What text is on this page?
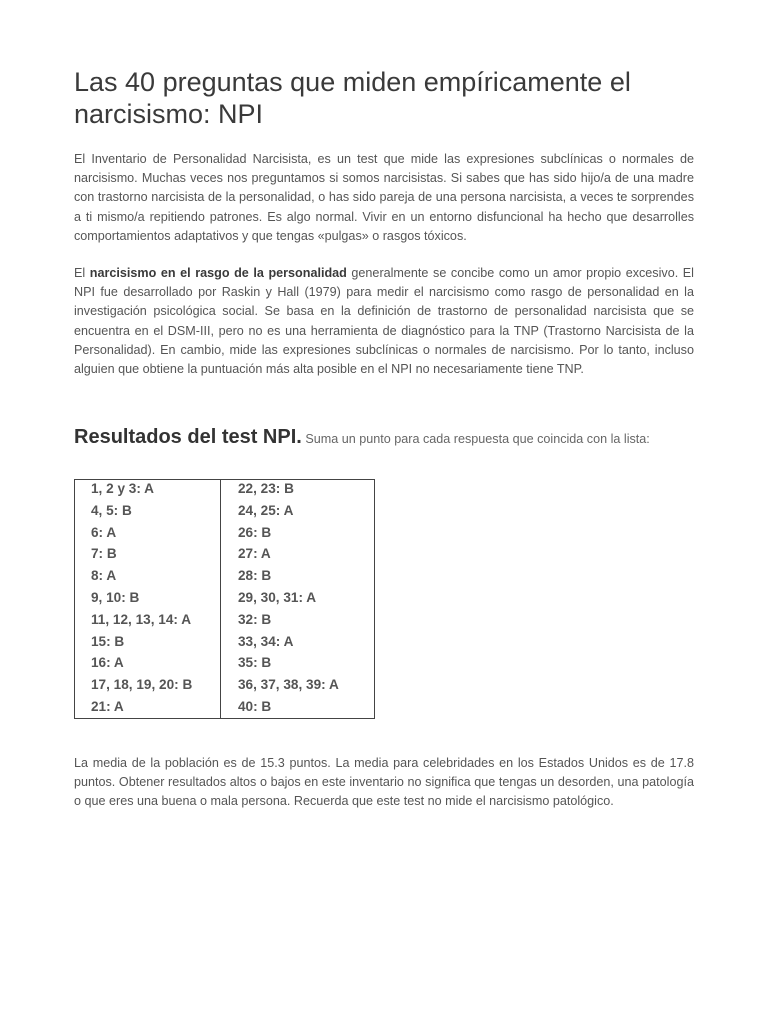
Las 40 preguntas que miden empíricamente el narcisismo: NPI

El Inventario de Personalidad Narcisista, es un test que mide las expresiones subclínicas o normales de narcisismo. Muchas veces nos preguntamos si somos narcisistas. Si sabes que has sido hijo/a de una madre con trastorno narcisista de la personalidad, o has sido pareja de una persona narcisista, a veces te sorprendes a ti mismo/a repitiendo patrones. Es algo normal. Vivir en un entorno disfuncional ha hecho que desarrolles comportamientos adaptativos y que tengas «pulgas» o rasgos tóxicos.

El narcisismo en el rasgo de la personalidad generalmente se concibe como un amor propio excesivo. El NPI fue desarrollado por Raskin y Hall (1979) para medir el narcisismo como rasgo de personalidad en la investigación psicológica social. Se basa en la definición de trastorno de personalidad narcisista que se encuentra en el DSM-III, pero no es una herramienta de diagnóstico para la TNP (Trastorno Narcisista de la Personalidad). En cambio, mide las expresiones subclínicas o normales de narcisismo. Por lo tanto, incluso alguien que obtiene la puntuación más alta posible en el NPI no necesariamente tiene TNP.

Resultados del test NPI. Suma un punto para cada respuesta que coincida con la lista:
1, 2 y 3: A
4, 5: B
6: A
7: B
8: A
9, 10: B
11, 12, 13, 14: A
15: B
16: A
17, 18, 19, 20: B
21: A
22, 23: B
24, 25: A
26: B
27: A
28: B
29, 30, 31: A
32: B
33, 34: A
35: B
36, 37, 38, 39: A
40: B

La media de la población es de 15.3 puntos. La media para celebridades en los Estados Unidos es de 17.8 puntos. Obtener resultados altos o bajos en este inventario no significa que tengas un desorden, una patología o que eres una buena o mala persona. Recuerda que este test no mide el narcisismo patológico.
